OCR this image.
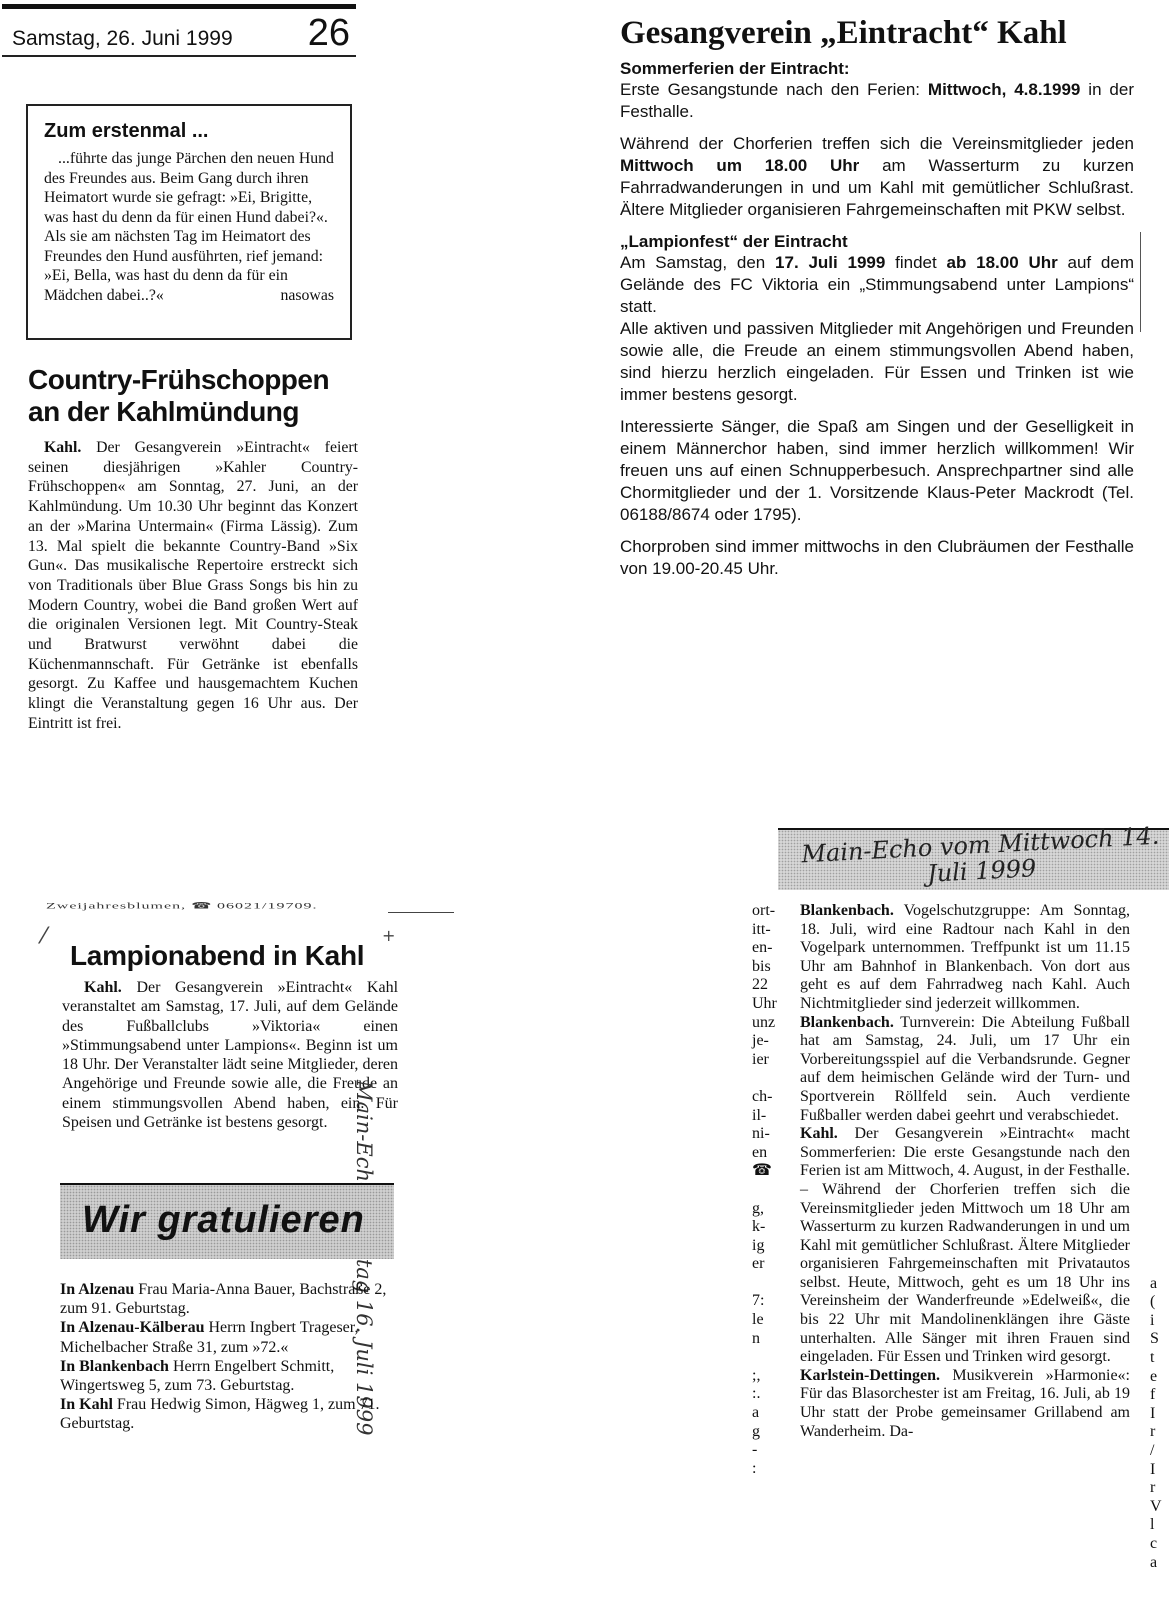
Samstag, 26. Juni 1999 26
Zum erstenmal ...

...führte das junge Pärchen den neuen Hund des Freundes aus. Beim Gang durch ihren Heimatort wurde sie gefragt: »Ei, Brigitte, was hast du denn da für einen Hund dabei?«. Als sie am nächsten Tag im Heimatort des Freundes den Hund ausführten, rief jemand: »Ei, Bella, was hast du denn da für ein Mädchen dabei..?«	nasowas

Country-Frühschoppen an der Kahlmündung

Kahl. Der Gesangverein »Eintracht« feiert seinen diesjährigen »Kahler Country-Frühschoppen« am Sonntag, 27. Juni, an der Kahlmündung. Um 10.30 Uhr beginnt das Konzert an der »Marina Untermain« (Firma Lässig). Zum 13. Mal spielt die bekannte Country-Band »Six Gun«. Das musikalische Repertoire erstreckt sich von Traditionals über Blue Grass Songs bis hin zu Modern Country, wobei die Band großen Wert auf die originalen Versionen legt. Mit Country-Steak und Bratwurst verwöhnt dabei die Küchenmannschaft. Für Getränke ist ebenfalls gesorgt. Zu Kaffee und hausgemachtem Kuchen klingt die Veranstaltung gegen 16 Uhr aus. Der Eintritt ist frei.

Gesangverein „Eintracht“ Kahl
Sommerferien der Eintracht:

Erste Gesangstunde nach den Ferien: Mittwoch, 4.8.1999 in der Festhalle.

Während der Chorferien treffen sich die Vereinsmitglieder jeden Mittwoch um 18.00 Uhr am Wasserturm zu kurzen Fahrradwanderungen in und um Kahl mit gemütlicher Schlußrast. Ältere Mitglieder organisieren Fahrgemeinschaften mit PKW selbst.

„Lampionfest“ der Eintracht

Am Samstag, den 17. Juli 1999 findet ab 18.00 Uhr auf dem Gelände des FC Viktoria ein „Stimmungsabend unter Lampions“ statt.

Alle aktiven und passiven Mitglieder mit Angehörigen und Freunden sowie alle, die Freude an einem stimmungsvollen Abend haben, sind hierzu herzlich eingeladen. Für Essen und Trinken ist wie immer bestens gesorgt.

Interessierte Sänger, die Spaß am Singen und der Geselligkeit in einem Männerchor haben, sind immer herzlich willkommen! Wir freuen uns auf einen Schnupperbesuch. Ansprechpartner sind alle Chormitglieder und der 1. Vorsitzende Klaus-Peter Mackrodt (Tel. 06188/8674 oder 1795).

Chorproben sind immer mittwochs in den Clubräumen der Festhalle von 19.00-20.45 Uhr.

Zweijahresblumen, ☎ 06021/19709.
⁄	+
Lampionabend in Kahl

Kahl. Der Gesangverein »Eintracht« Kahl veranstaltet am Samstag, 17. Juli, auf dem Gelände des Fußballclubs »Viktoria« einen »Stimmungsabend unter Lampions«. Beginn ist um 18 Uhr. Der Veranstalter lädt seine Mitglieder, deren Angehörige und Freunde sowie alle, die Freude an einem stimmungsvollen Abend haben, ein. Für Speisen und Getränke ist bestens gesorgt.

Wir gratulieren

In Alzenau Frau Maria-Anna Bauer, Bachstraße 2, zum 91. Geburtstag.

In Alzenau-Kälberau Herrn Ingbert Trageser, Michelbacher Straße 31, zum »72.«

In Blankenbach Herrn Engelbert Schmitt, Wingertsweg 5, zum 73. Geburtstag.

In Kahl Frau Hedwig Simon, Hägweg 1, zum 71. Geburtstag.

Main-Echo vom Mittwoch 14. Juli 1999
ort-
itt-
en-
bis
22
Uhr
unz
je-
ier

ch-
il-
ni-
en
☎

g,
k-
ig
er

7:
le
n

;,
:.
a
g
-
:

a
(
i
S
t
e
f
I
r
/
I
r
V
l
c
a

Blankenbach. Vogelschutzgruppe: Am Sonntag, 18. Juli, wird eine Radtour nach Kahl in den Vogelpark unternommen. Treffpunkt ist um 11.15 Uhr am Bahnhof in Blankenbach. Von dort aus geht es auf dem Fahrradweg nach Kahl. Auch Nichtmitglieder sind jederzeit willkommen.

Blankenbach. Turnverein: Die Abteilung Fußball hat am Samstag, 24. Juli, um 17 Uhr ein Vorbereitungsspiel auf die Verbandsrunde. Gegner auf dem heimischen Gelände wird der Turn- und Sportverein Röllfeld sein. Auch verdiente Fußballer werden dabei geehrt und verabschiedet.

Kahl. Der Gesangverein »Eintracht« macht Sommerferien: Die erste Gesangstunde nach den Ferien ist am Mittwoch, 4. August, in der Festhalle. – Während der Chorferien treffen sich die Vereinsmitglieder jeden Mittwoch um 18 Uhr am Wasserturm zu kurzen Radwanderungen in und um Kahl mit gemütlicher Schlußrast. Ältere Mitglieder organisieren Fahrgemeinschaften mit Privatautos selbst. Heute, Mittwoch, geht es um 18 Uhr ins Vereinsheim der Wanderfreunde »Edelweiß«, die bis 22 Uhr mit Mandolinenklängen ihre Gäste unterhalten. Alle Sänger mit ihren Frauen sind eingeladen. Für Essen und Trinken wird gesorgt.

Karlstein-Dettingen. Musikverein »Harmonie«: Für das Blasorchester ist am Freitag, 16. Juli, ab 19 Uhr statt der Probe gemeinsamer Grillabend am Wanderheim. Da-
